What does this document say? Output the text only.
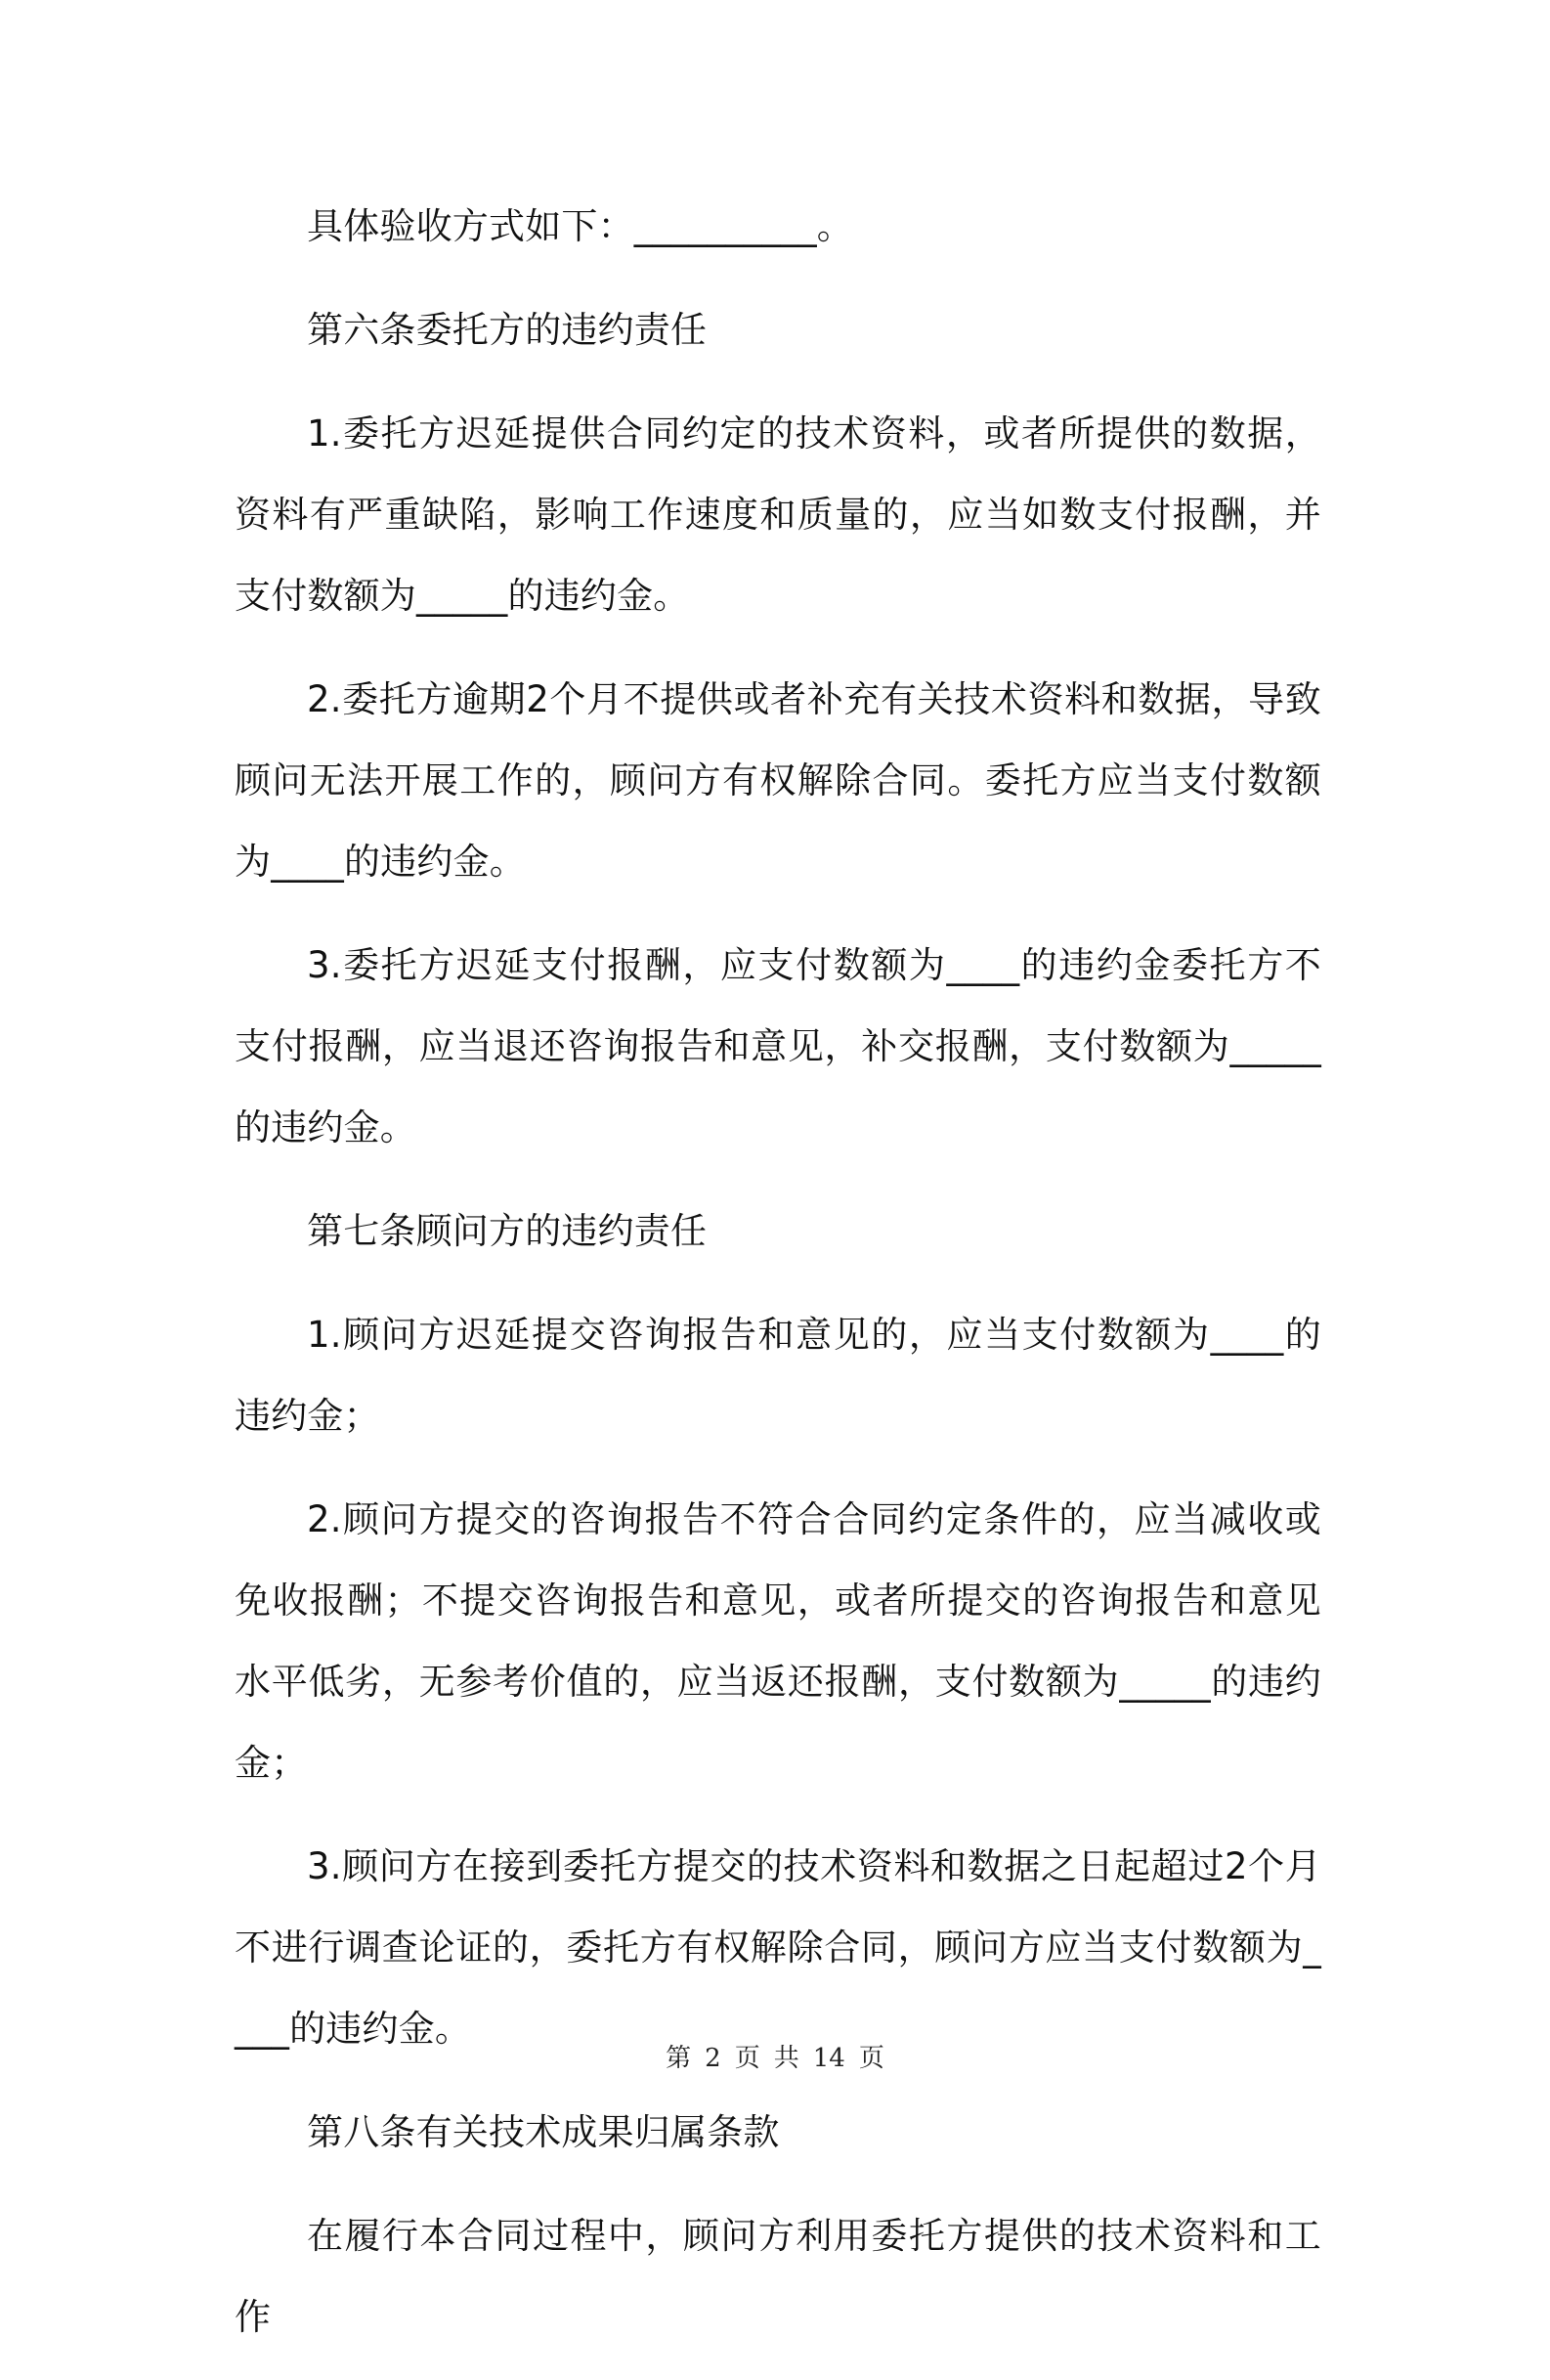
具体验收方式如下：__________。

第六条委托方的违约责任

1.委托方迟延提供合同约定的技术资料，或者所提供的数据，资料有严重缺陷，影响工作速度和质量的，应当如数支付报酬，并支付数额为_____的违约金。

2.委托方逾期2个月不提供或者补充有关技术资料和数据，导致顾问无法开展工作的，顾问方有权解除合同。委托方应当支付数额为____的违约金。

3.委托方迟延支付报酬，应支付数额为____的违约金委托方不支付报酬，应当退还咨询报告和意见，补交报酬，支付数额为_____的违约金。

第七条顾问方的违约责任

1.顾问方迟延提交咨询报告和意见的，应当支付数额为____的违约金；

2.顾问方提交的咨询报告不符合合同约定条件的，应当减收或免收报酬；不提交咨询报告和意见，或者所提交的咨询报告和意见水平低劣，无参考价值的，应当返还报酬，支付数额为_____的违约金；

3.顾问方在接到委托方提交的技术资料和数据之日起超过2个月不进行调查论证的，委托方有权解除合同，顾问方应当支付数额为____的违约金。

第八条有关技术成果归属条款

在履行本合同过程中，顾问方利用委托方提供的技术资料和工作

第 2 页 共 14 页
